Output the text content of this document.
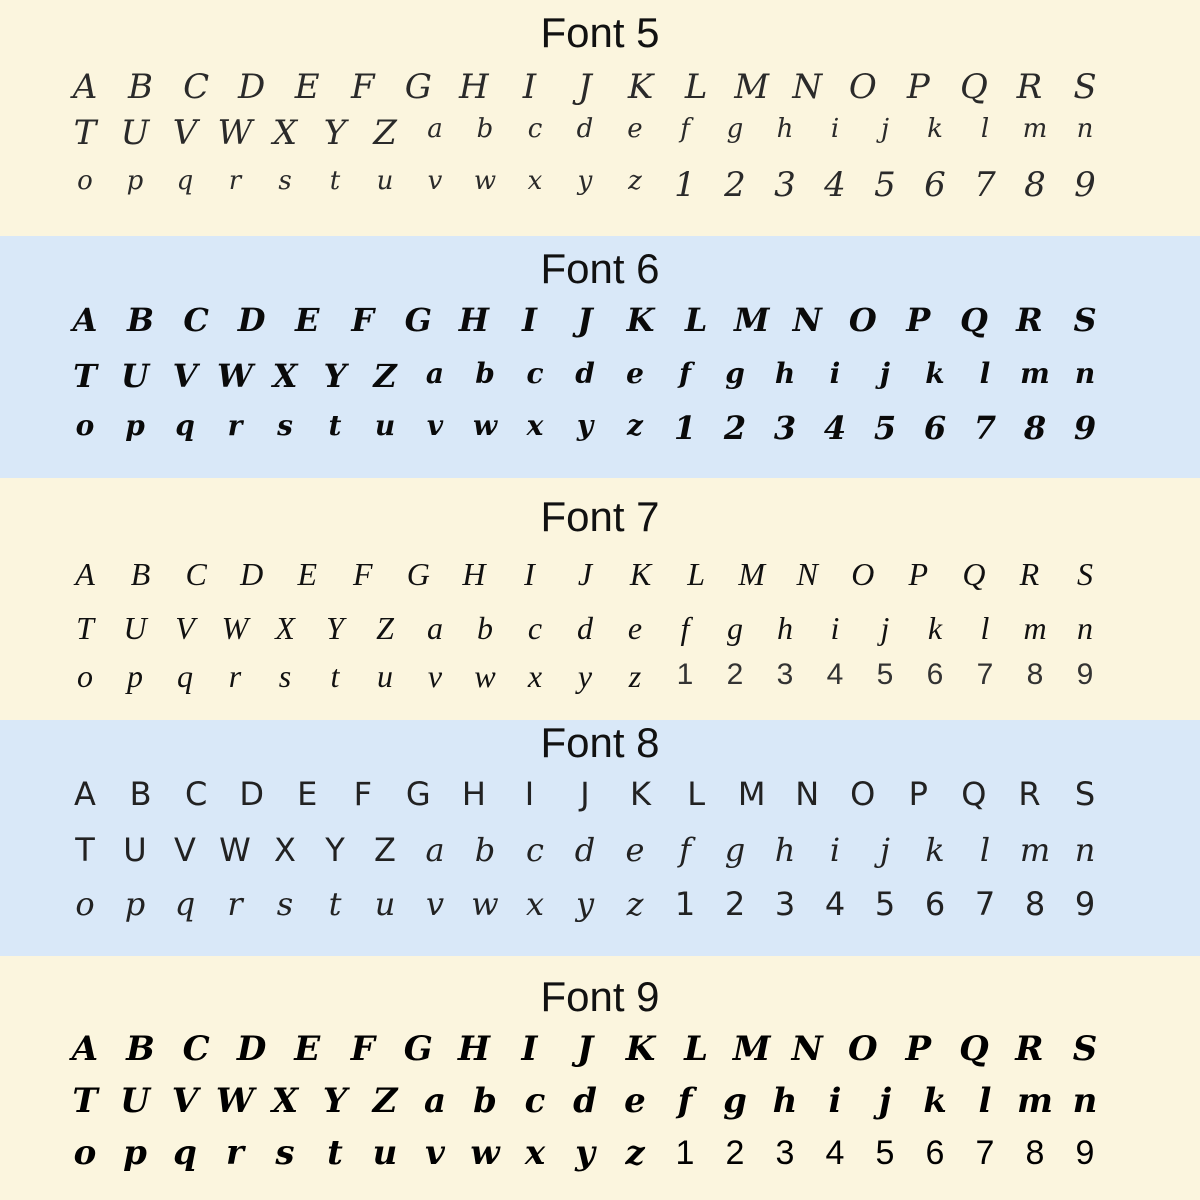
Font 5
A B C D E F G H	I	J	K L M N O P Q R S
T U V W X Y Z	a	b	c	d	e	f	g	h	i	j	k	l	m	n
o	p	q	r	s	t	u	v	w	x	y	z 1 2 3 4 5 6 7 8 9
Font 6
A B C D E F G H	I	J	K L M N O P Q R S
T U V W X Y Z	a	b	c	d	e	f	g	h	i	j	k	l	m n
o	p	q	r	s	t	u	v	w	x	y	z 1 2 3 4 5 6 7 8 9
Font 7
A	B	C D	E	F	G H	I	J	K	L	M N O	P	Q	R	S
T U V W X Y	Z	a	b	c	d	e	f	g	h	i	j	k	l	m n
o	p	q	r	s	t	u	v	w	x	y	z	1	2	3	4	5	6	7	8	9
Font 8
A B C D	E	F	G H	I	J	K	L	M N O	P	Q R	S
T U V W X Y Z a b c d e	f	g h	i	j	k	l m n
o p q	r	s	t	u v w x y	z 1 2 3 4 5 6 7 8 9
Font 9
A B C D E F G H I	J K L M N O P Q R S
T U V W X Y Z a b c d e f g h i	j k l m n
o p q r s t u v w x y z 1 2 3 4 5 6 7 8 9
